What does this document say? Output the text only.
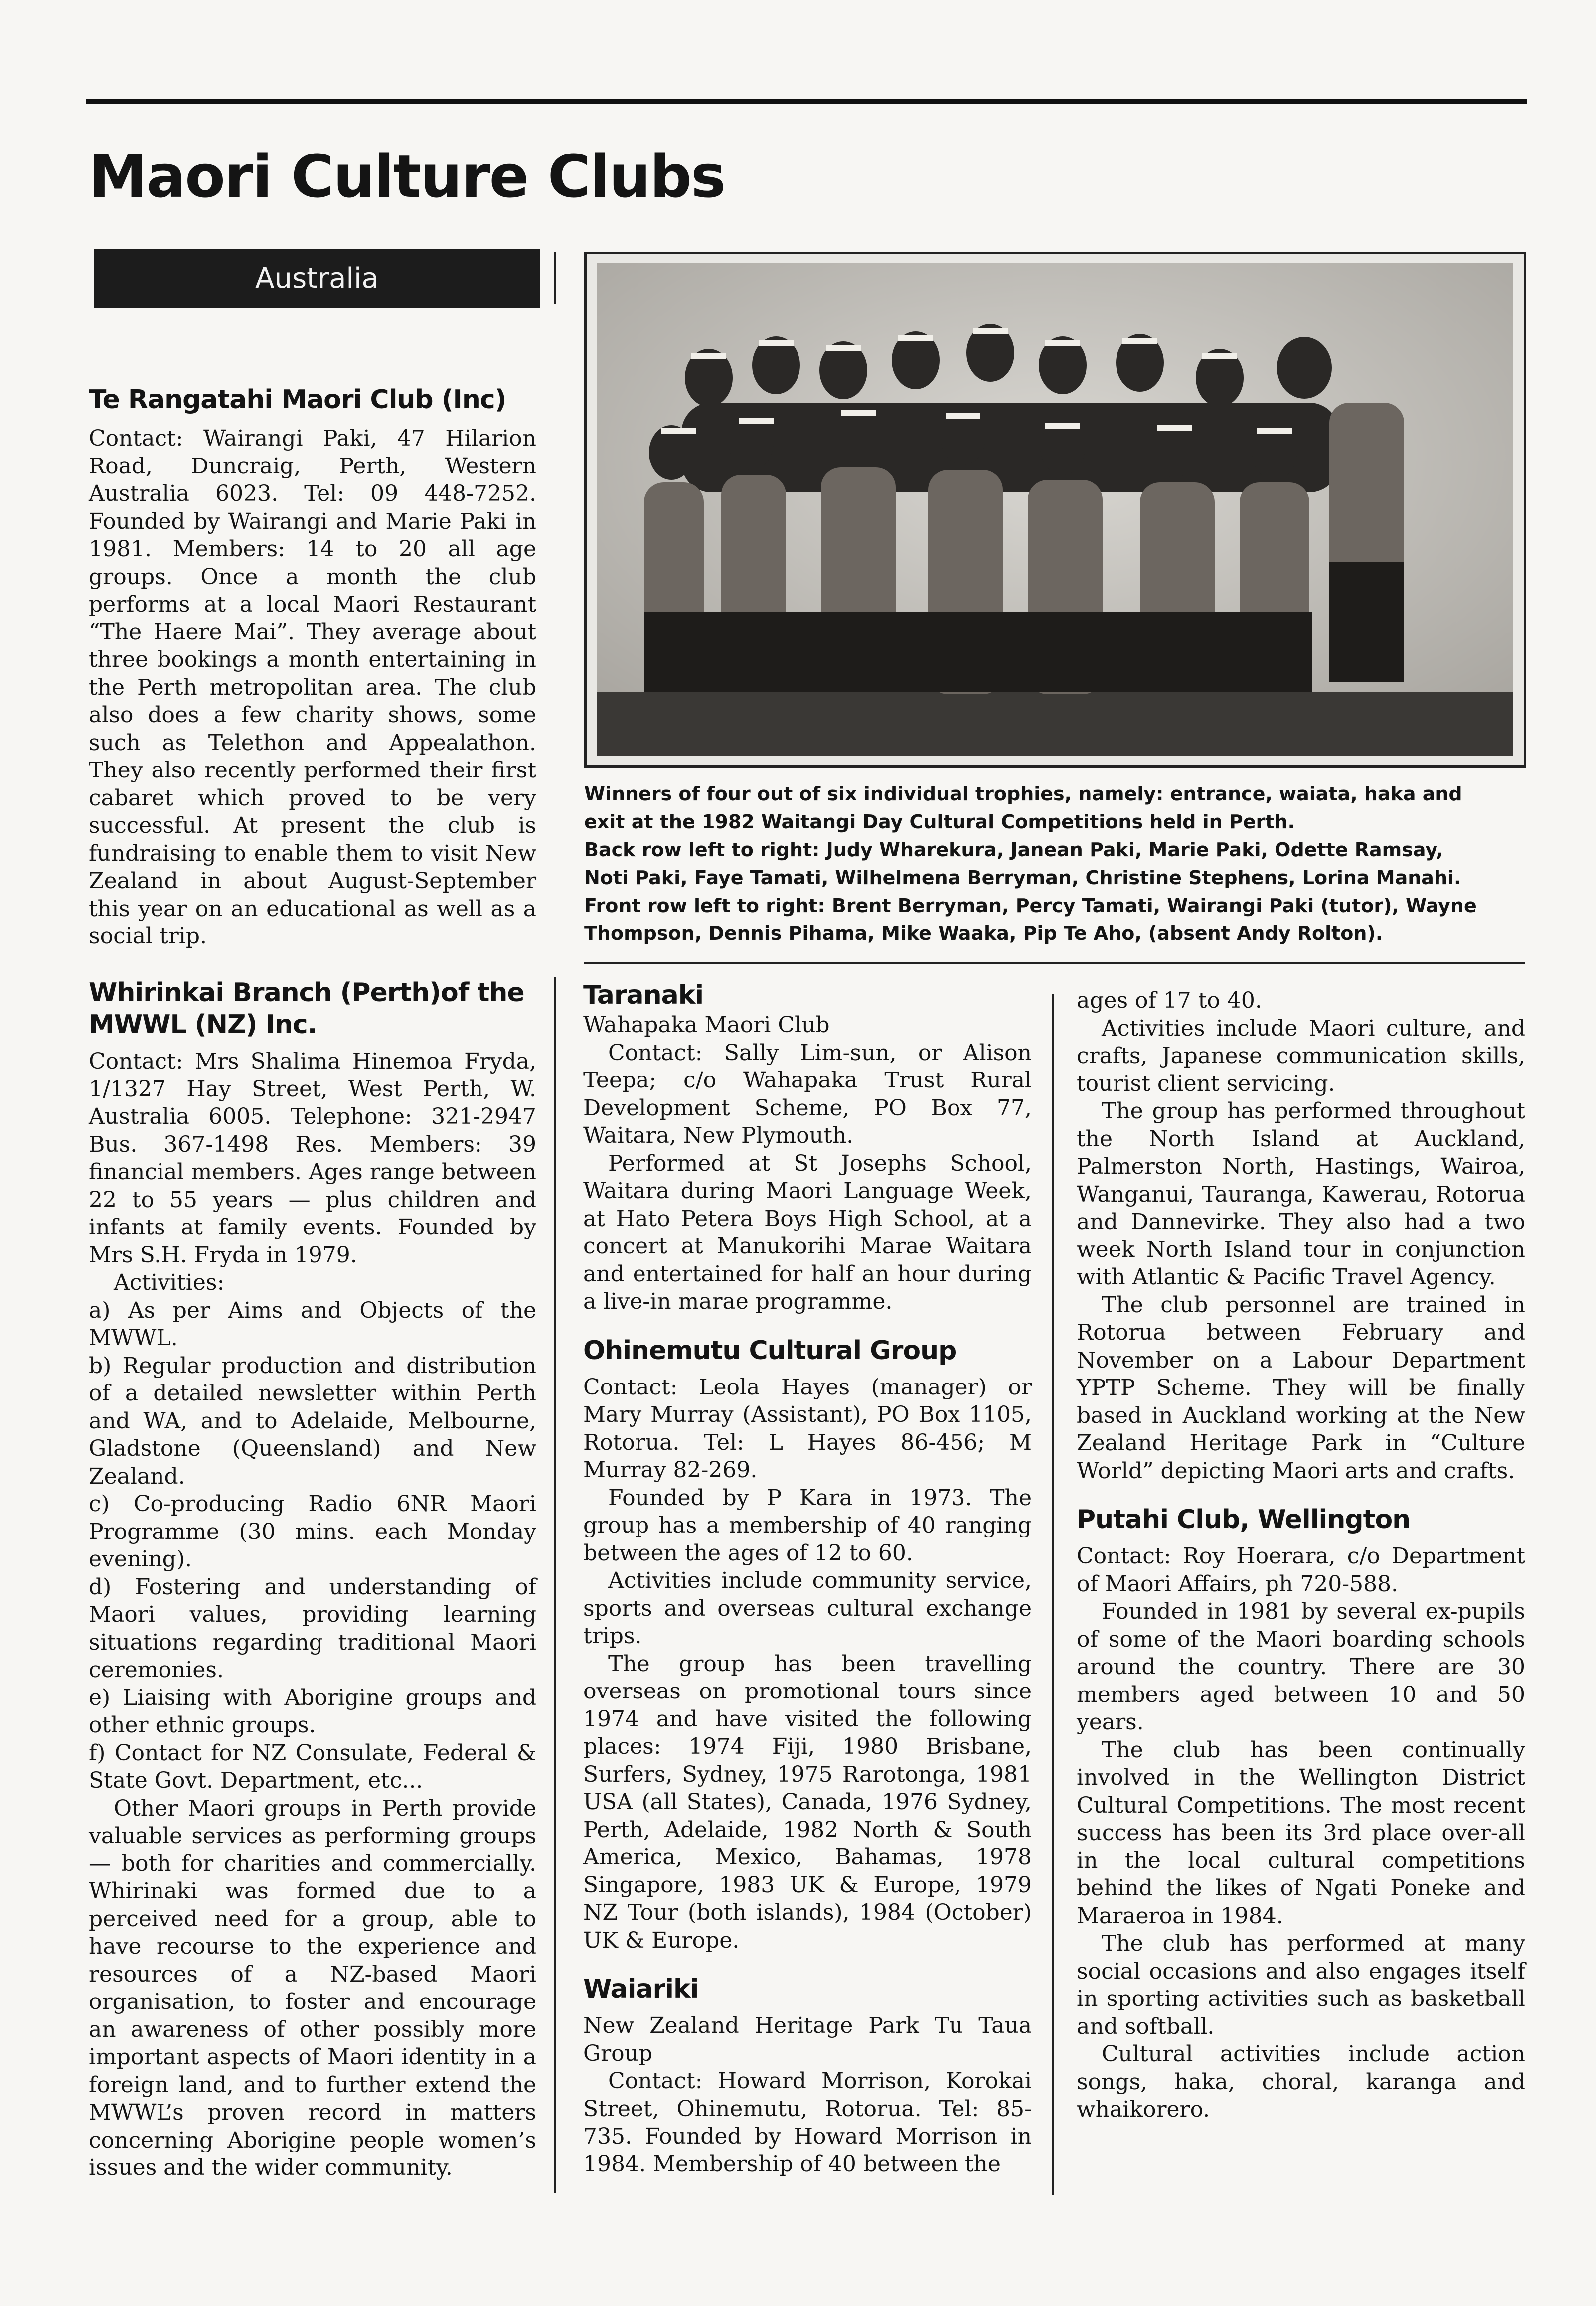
Maori Culture Clubs
Australia
Winners of four out of six individual trophies, namely: entrance, waiata, haka and
exit at the 1982 Waitangi Day Cultural Competitions held in Perth.
Back row left to right: Judy Wharekura, Janean Paki, Marie Paki, Odette Ramsay,
Noti Paki, Faye Tamati, Wilhelmena Berryman, Christine Stephens, Lorina Manahi.
Front row left to right: Brent Berryman, Percy Tamati, Wairangi Paki (tutor), Wayne
Thompson, Dennis Pihama, Mike Waaka, Pip Te Aho, (absent Andy Rolton).
Te Rangatahi Maori Club (Inc)

Contact: Wairangi Paki, 47 Hilarion Road, Duncraig, Perth, Western Australia 6023. Tel: 09 448-7252. Founded by Wairangi and Marie Paki in 1981. Members: 14 to 20 all age groups. Once a month the club performs at a local Maori Restaurant “The Haere Mai”. They average about three bookings a month entertaining in the Perth metropolitan area. The club also does a few charity shows, some such as Telethon and Appealathon. They also recently performed their first cabaret which proved to be very successful. At present the club is fundraising to enable them to visit New Zealand in about August-September this year on an educational as well as a social trip.

Whirinkai Branch (Perth)of the
MWWL (NZ) Inc.

Contact: Mrs Shalima Hinemoa Fryda, 1/1327 Hay Street, West Perth, W. Australia 6005. Telephone: 321-2947 Bus. 367-1498 Res. Members: 39 financial members. Ages range between 22 to 55 years — plus children and infants at family events. Founded by Mrs S.H. Fryda in 1979.

Activities:

a) As per Aims and Objects of the MWWL.

b) Regular production and distribution of a detailed newsletter within Perth and WA, and to Adelaide, Melbourne, Gladstone (Queensland) and New Zealand.

c) Co-producing Radio 6NR Maori Programme (30 mins. each Monday evening).

d) Fostering and understanding of Maori values, providing learning situations regarding traditional Maori ceremonies.

e) Liaising with Aborigine groups and other ethnic groups.

f) Contact for NZ Consulate, Federal & State Govt. Department, etc...

Other Maori groups in Perth provide valuable services as performing groups — both for charities and commercially. Whirinaki was formed due to a perceived need for a group, able to have recourse to the experience and resources of a NZ-based Maori organisation, to foster and encourage an awareness of other possibly more important aspects of Maori identity in a foreign land, and to further extend the MWWL’s proven record in matters concerning Aborigine people women’s issues and the wider community.

Taranaki

Wahapaka Maori Club

Contact: Sally Lim-sun, or Alison Teepa; c/o Wahapaka Trust Rural Development Scheme, PO Box 77, Waitara, New Plymouth.

Performed at St Josephs School, Waitara during Maori Language Week, at Hato Petera Boys High School, at a concert at Manukorihi Marae Waitara and entertained for half an hour during a live-in marae programme.

Ohinemutu Cultural Group

Contact: Leola Hayes (manager) or Mary Murray (Assistant), PO Box 1105, Rotorua. Tel: L Hayes 86-456; M Murray 82-269.

Founded by P Kara in 1973. The group has a membership of 40 ranging between the ages of 12 to 60.

Activities include community service, sports and overseas cultural exchange trips.

The group has been travelling overseas on promotional tours since 1974 and have visited the following places: 1974 Fiji, 1980 Brisbane, Surfers, Sydney, 1975 Rarotonga, 1981 USA (all States), Canada, 1976 Sydney, Perth, Adelaide, 1982 North & South America, Mexico, Bahamas, 1978 Singapore, 1983 UK & Europe, 1979 NZ Tour (both islands), 1984 (October) UK & Europe.

Waiariki

New Zealand Heritage Park Tu Taua Group

Contact: Howard Morrison, Korokai Street, Ohinemutu, Rotorua. Tel: 85-735. Founded by Howard Morrison in 1984. Membership of 40 between the

ages of 17 to 40.

Activities include Maori culture, and crafts, Japanese communication skills, tourist client servicing.

The group has performed throughout the North Island at Auckland, Palmerston North, Hastings, Wairoa, Wanganui, Tauranga, Kawerau, Rotorua and Dannevirke. They also had a two week North Island tour in conjunction with Atlantic & Pacific Travel Agency.

The club personnel are trained in Rotorua between February and November on a Labour Department YPTP Scheme. They will be finally based in Auckland working at the New Zealand Heritage Park in “Culture World” depicting Maori arts and crafts.

Putahi Club, Wellington

Contact: Roy Hoerara, c/o Department of Maori Affairs, ph 720-588.

Founded in 1981 by several ex-pupils of some of the Maori boarding schools around the country. There are 30 members aged between 10 and 50 years.

The club has been continually involved in the Wellington District Cultural Competitions. The most recent success has been its 3rd place over-all in the local cultural competitions behind the likes of Ngati Poneke and Maraeroa in 1984.

The club has performed at many social occasions and also engages itself in sporting activities such as basketball and softball.

Cultural activities include action songs, haka, choral, karanga and whaikorero.
